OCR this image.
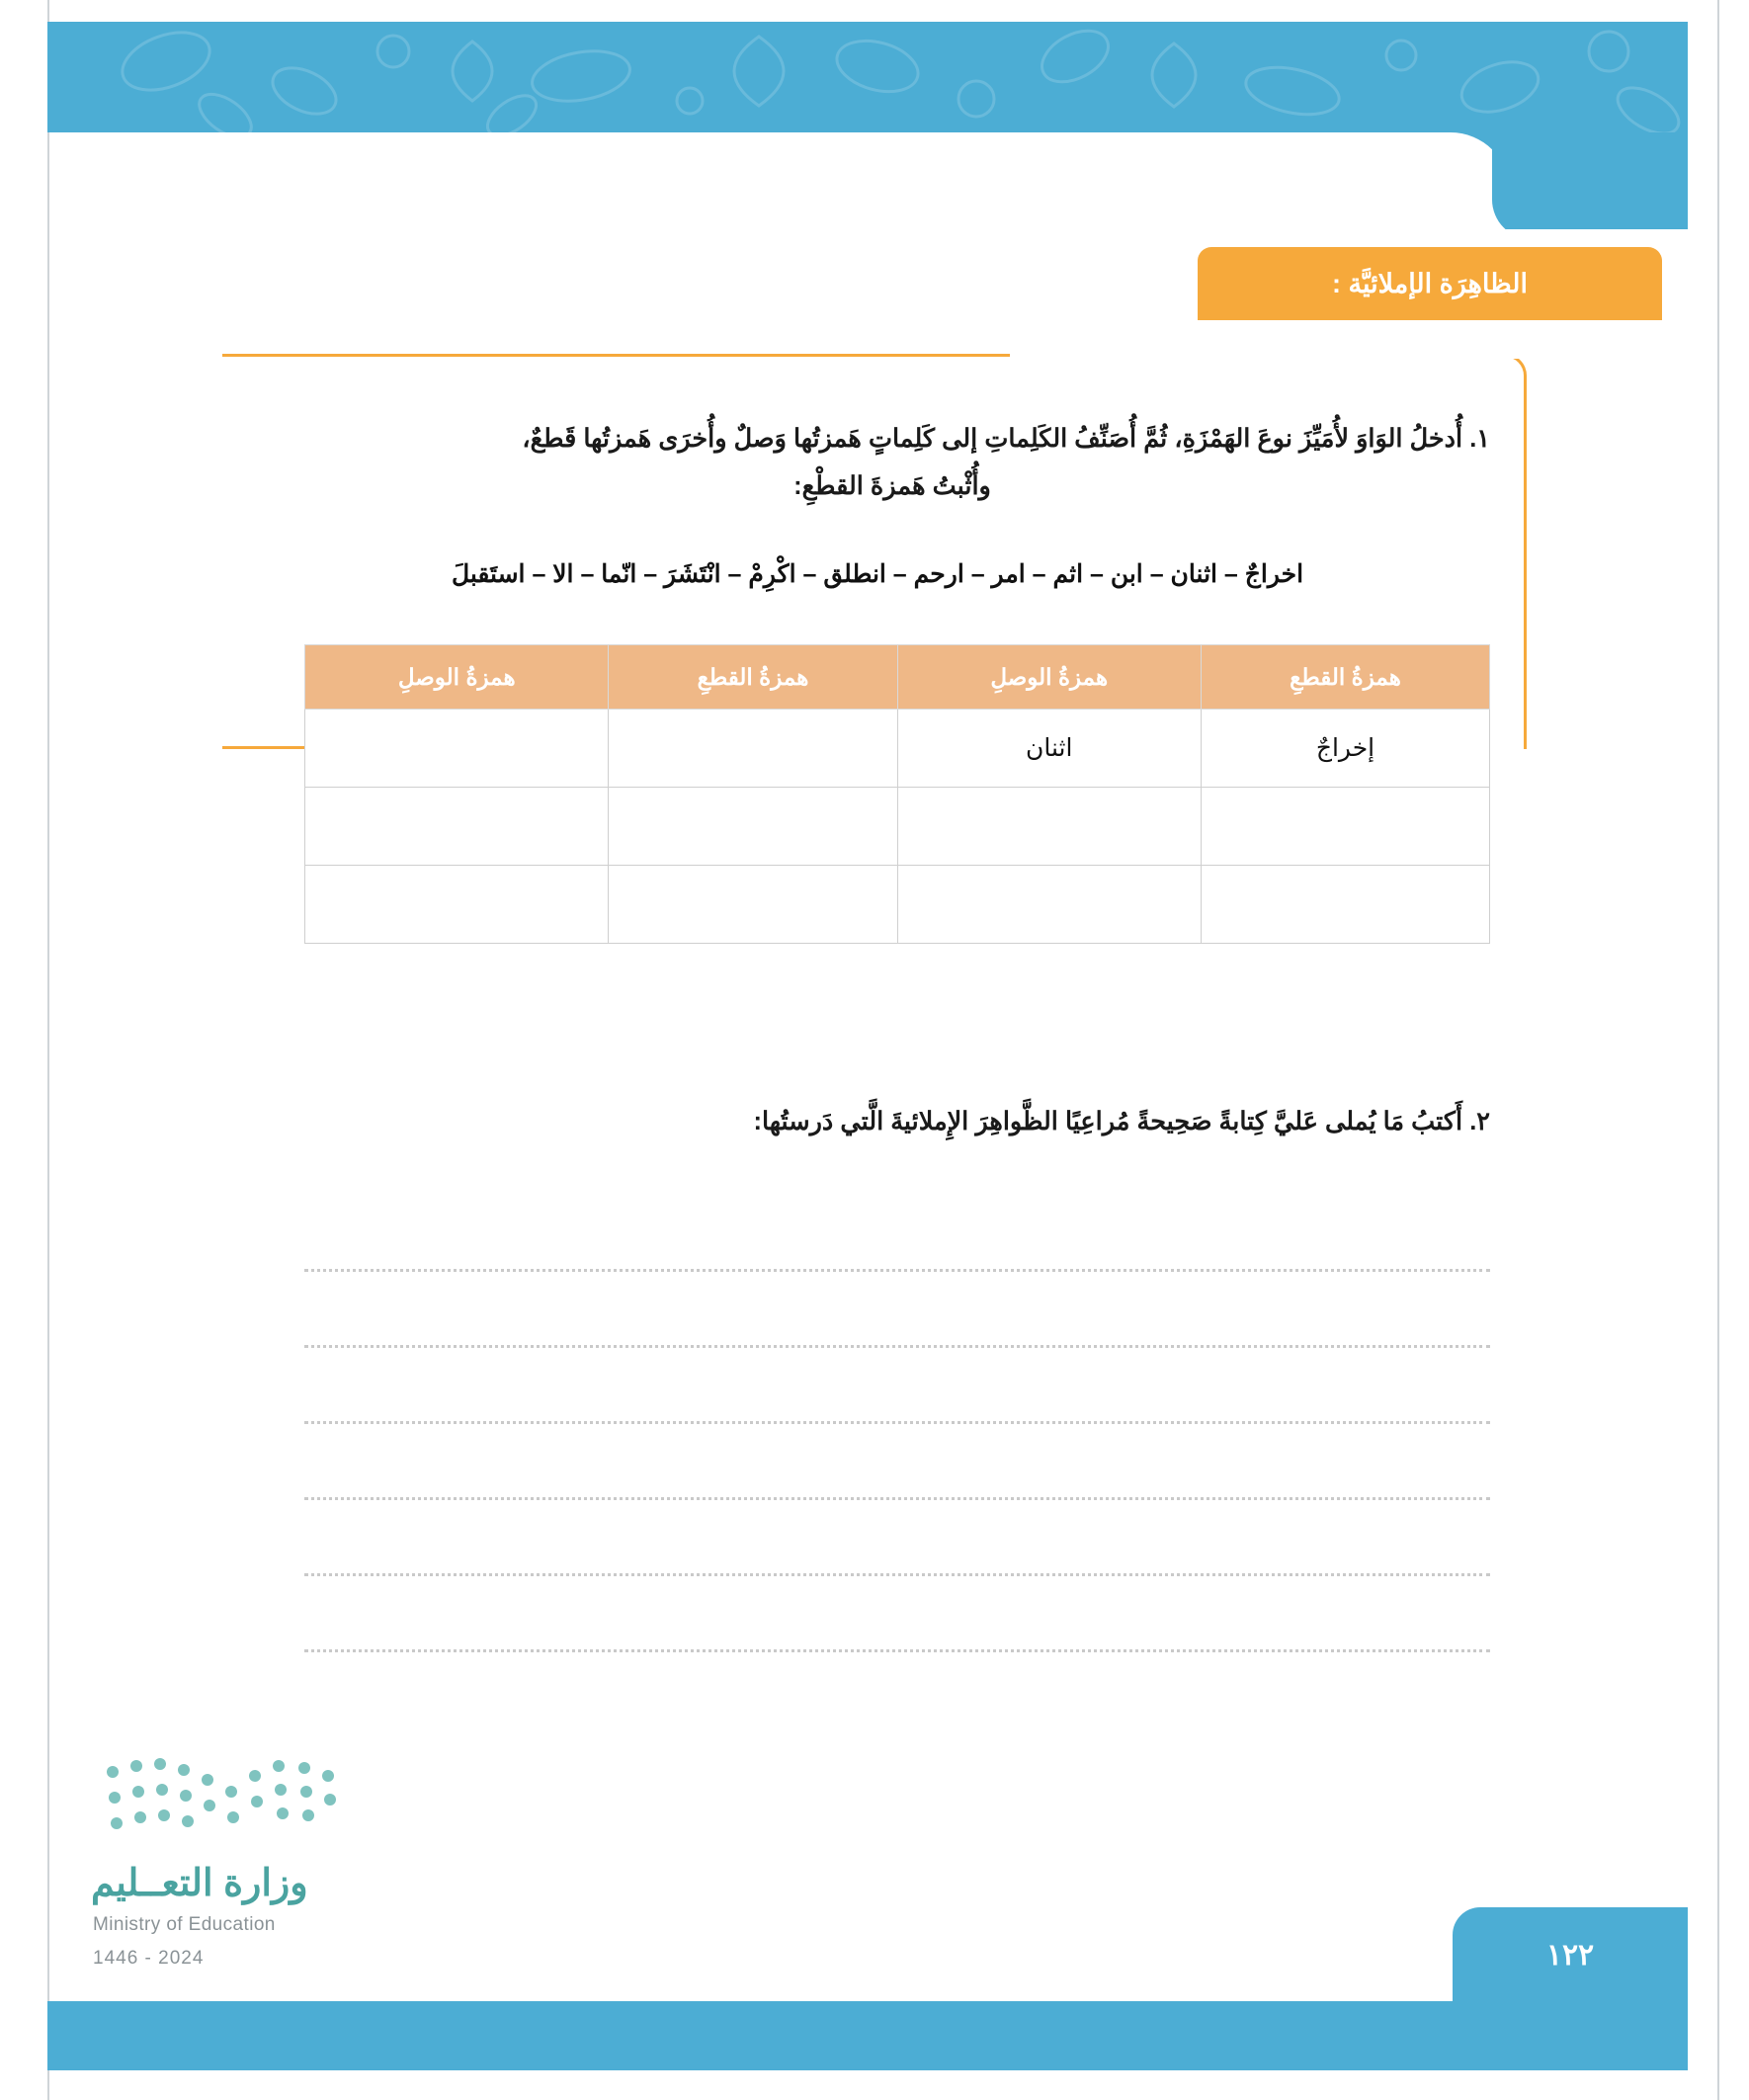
الظاهِرَة الإملائيَّة :
١. أُدخلُ الوَاوَ لأُمَيِّزَ نوعَ الهَمْزَةِ، ثُمَّ أُصَنِّفُ الكَلِماتِ إلى كَلِماتٍ هَمزتُها وَصلٌ وأُخرَى هَمزتُها قَطعٌ،
وأُثْبتُ هَمزةَ القطْعِ:
اخراجٌ – اثنان – ابن – اثم – امر – ارحم – انطلق – اكْرِمْ – انْتَشَرَ – انّما – الا – استَقبلَ
همزةُ القطعِ	همزةُ الوصلِ	همزةُ القطعِ	همزةُ الوصلِ
إخراجٌ	اثنان		

٢. أَكتبُ مَا يُملى عَليَّ كِتابةً صَحِيحةً مُراعِيًا الظَّواهِرَ الإِملائيةَ الَّتي دَرستُها:
وزارة التعــليم
Ministry of Education
2024 - 1446	١٢٢
